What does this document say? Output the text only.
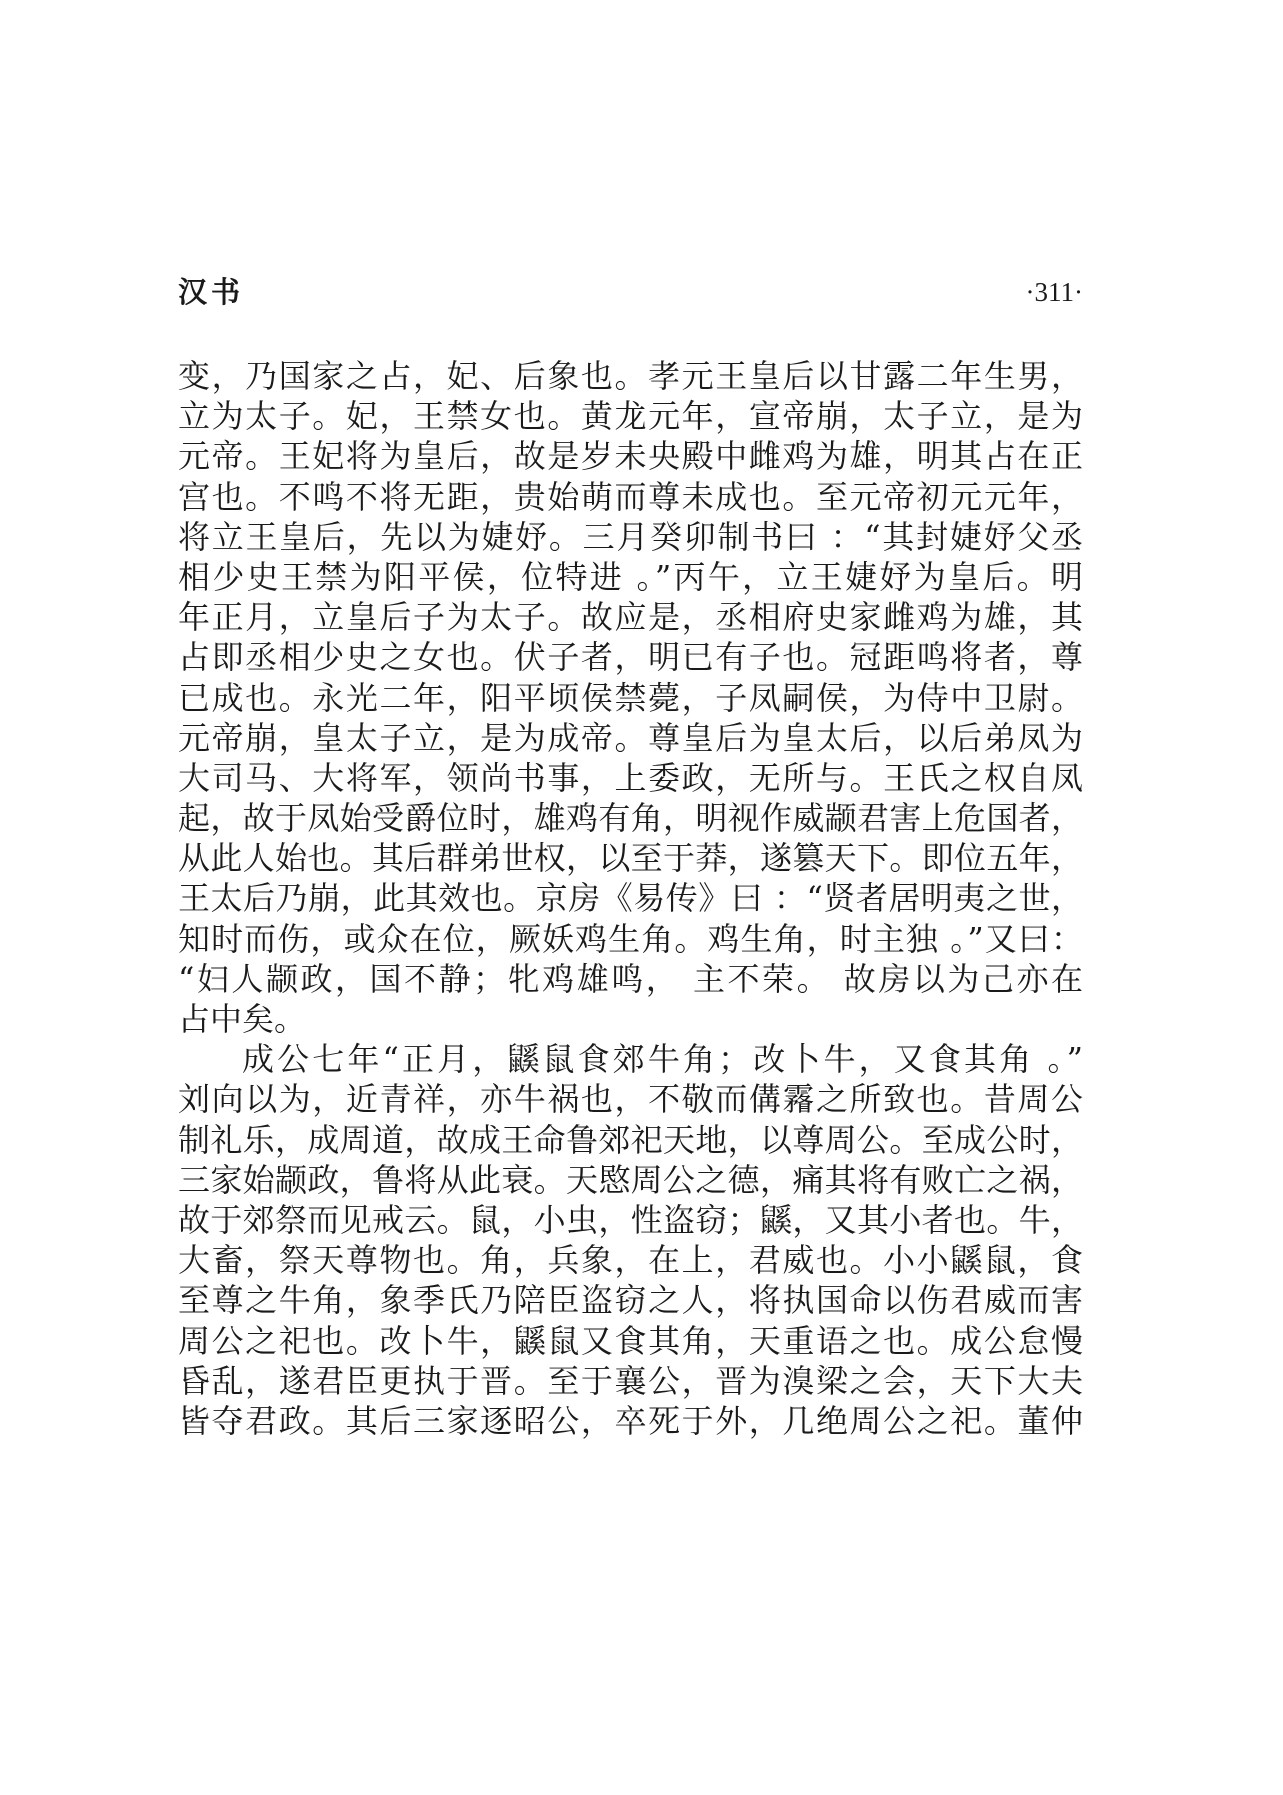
汉书	·311·
变，乃国家之占，妃、后象也。孝元王皇后以甘露二年生男，
立为太子。妃，王禁女也。黄龙元年，宣帝崩，太子立，是为
元帝。王妃将为皇后，故是岁未央殿中雌鸡为雄，明其占在正
宫也。不鸣不将无距，贵始萌而尊未成也。至元帝初元元年，
将立王皇后，先以为婕妤。三月癸卯制书曰 ：“其封婕妤父丞
相少史王禁为阳平侯，位特进 。”丙午，立王婕妤为皇后。明
年正月，立皇后子为太子。故应是，丞相府史家雌鸡为雄，其
占即丞相少史之女也。伏子者，明已有子也。冠距鸣将者，尊
已成也。永光二年，阳平顷侯禁薨，子凤嗣侯，为侍中卫尉。
元帝崩，皇太子立，是为成帝。尊皇后为皇太后，以后弟凤为
大司马、大将军，领尚书事，上委政，无所与。王氏之权自凤
起，故于凤始受爵位时，雄鸡有角，明视作威颛君害上危国者，
从此人始也。其后群弟世权，以至于莽，遂篡天下。即位五年，
王太后乃崩，此其效也。京房《易传》曰 ：“贤者居明夷之世，
知时而伤，或众在位，厥妖鸡生角。鸡生角，时主独 。”又曰：
“妇人颛政，国不静；牝鸡雄鸣， 主不荣。 故房以为己亦在
占中矣。
成公七年“正月，鼷鼠食郊牛角；改卜牛，又食其角 。”
刘向以为，近青祥，亦牛祸也，不敬而傋霿之所致也。昔周公
制礼乐，成周道，故成王命鲁郊祀天地，以尊周公。至成公时，
三家始颛政，鲁将从此衰。天愍周公之德，痛其将有败亡之祸，
故于郊祭而见戒云。鼠，小虫，性盗窃；鼷，又其小者也。牛，
大畜，祭天尊物也。角，兵象，在上，君威也。小小鼷鼠，食
至尊之牛角，象季氏乃陪臣盗窃之人，将执国命以伤君威而害
周公之祀也。改卜牛，鼷鼠又食其角，天重语之也。成公怠慢
昏乱，遂君臣更执于晋。至于襄公，晋为溴梁之会，天下大夫
皆夺君政。其后三家逐昭公，卒死于外，几绝周公之祀。董仲
